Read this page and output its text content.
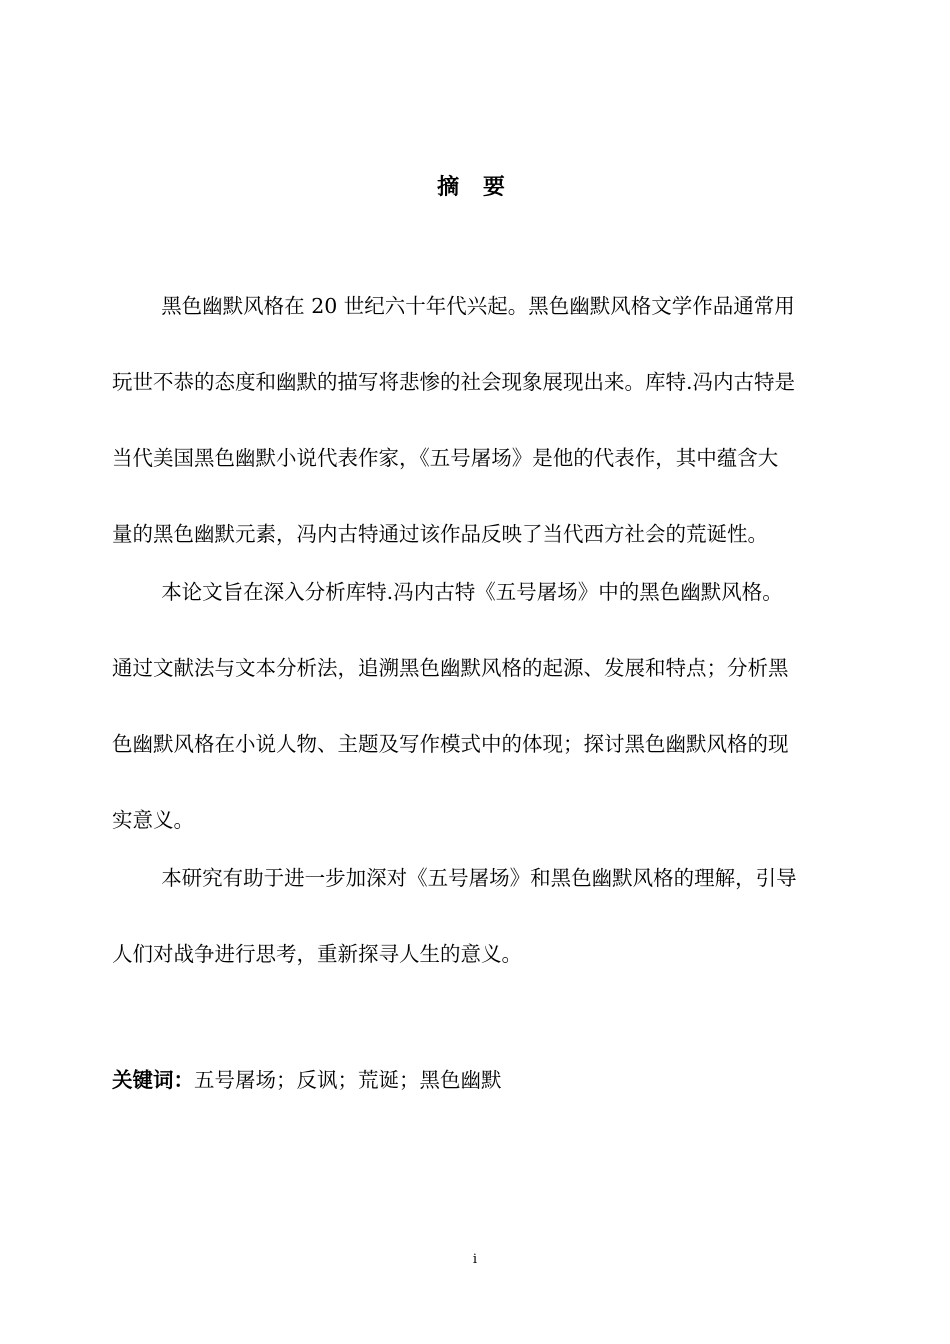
摘 要
黑色幽默风格在 20 世纪六十年代兴起。黑色幽默风格文学作品通常用
玩世不恭的态度和幽默的描写将悲惨的社会现象展现出来。库特.冯内古特是
当代美国黑色幽默小说代表作家，《五号屠场》是他的代表作，其中蕴含大
量的黑色幽默元素，冯内古特通过该作品反映了当代西方社会的荒诞性。
本论文旨在深入分析库特.冯内古特《五号屠场》中的黑色幽默风格。
通过文献法与文本分析法，追溯黑色幽默风格的起源、发展和特点；分析黑
色幽默风格在小说人物、主题及写作模式中的体现；探讨黑色幽默风格的现
实意义。
本研究有助于进一步加深对《五号屠场》和黑色幽默风格的理解，引导
人们对战争进行思考，重新探寻人生的意义。
关键词：五号屠场；反讽；荒诞；黑色幽默
i
